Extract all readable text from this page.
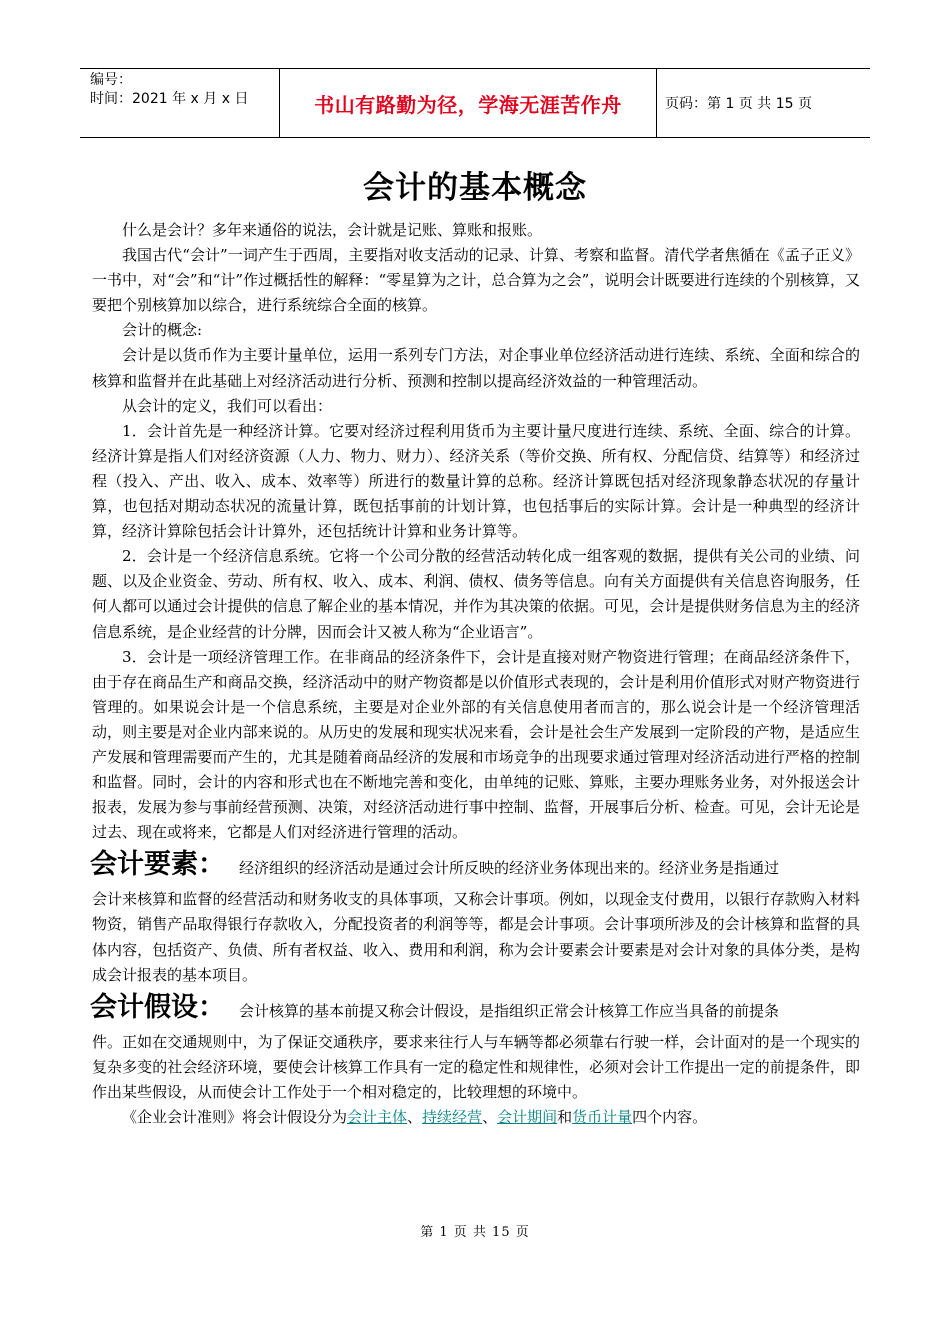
编号：
时间：2021 年 x 月 x 日	书山有路勤为径，学海无涯苦作舟	页码：第 1 页 共 15 页
会计的基本概念

什么是会计？多年来通俗的说法，会计就是记账、算账和报账。

我国古代“会计”一词产生于西周，主要指对收支活动的记录、计算、考察和监督。清代学者焦循在《孟子正义》一书中，对“会”和“计”作过概括性的解释：“零星算为之计，总合算为之会”，说明会计既要进行连续的个别核算，又要把个别核算加以综合，进行系统综合全面的核算。

会计的概念:

会计是以货币作为主要计量单位，运用一系列专门方法，对企事业单位经济活动进行连续、系统、全面和综合的核算和监督并在此基础上对经济活动进行分析、预测和控制以提高经济效益的一种管理活动。

从会计的定义，我们可以看出：

1．会计首先是一种经济计算。它要对经济过程利用货币为主要计量尺度进行连续、系统、全面、综合的计算。经济计算是指人们对经济资源（人力、物力、财力）、经济关系（等价交换、所有权、分配信贷、结算等）和经济过程（投入、产出、收入、成本、效率等）所进行的数量计算的总称。经济计算既包括对经济现象静态状况的存量计算，也包括对期动态状况的流量计算，既包括事前的计划计算，也包括事后的实际计算。会计是一种典型的经济计算，经济计算除包括会计计算外，还包括统计计算和业务计算等。

2．会计是一个经济信息系统。它将一个公司分散的经营活动转化成一组客观的数据，提供有关公司的业绩、问题、以及企业资金、劳动、所有权、收入、成本、利润、债权、债务等信息。向有关方面提供有关信息咨询服务，任何人都可以通过会计提供的信息了解企业的基本情况，并作为其决策的依据。可见，会计是提供财务信息为主的经济信息系统，是企业经营的计分牌，因而会计又被人称为“企业语言”。

3．会计是一项经济管理工作。在非商品的经济条件下，会计是直接对财产物资进行管理；在商品经济条件下，由于存在商品生产和商品交换，经济活动中的财产物资都是以价值形式表现的，会计是利用价值形式对财产物资进行管理的。如果说会计是一个信息系统，主要是对企业外部的有关信息使用者而言的，那么说会计是一个经济管理活动，则主要是对企业内部来说的。从历史的发展和现实状况来看，会计是社会生产发展到一定阶段的产物，是适应生产发展和管理需要而产生的，尤其是随着商品经济的发展和市场竞争的出现要求通过管理对经济活动进行严格的控制和监督。同时，会计的内容和形式也在不断地完善和变化，由单纯的记账、算账，主要办理账务业务，对外报送会计报表，发展为参与事前经营预测、决策，对经济活动进行事中控制、监督，开展事后分析、检查。可见，会计无论是过去、现在或将来，它都是人们对经济进行管理的活动。

会计要素： 经济组织的经济活动是通过会计所反映的经济业务体现出来的。经济业务是指通过

会计来核算和监督的经营活动和财务收支的具体事项，又称会计事项。例如，以现金支付费用，以银行存款购入材料物资，销售产品取得银行存款收入，分配投资者的利润等等，都是会计事项。会计事项所涉及的会计核算和监督的具体内容，包括资产、负债、所有者权益、收入、费用和利润，称为会计要素会计要素是对会计对象的具体分类，是构成会计报表的基本项目。

会计假设： 会计核算的基本前提又称会计假设，是指组织正常会计核算工作应当具备的前提条

件。正如在交通规则中，为了保证交通秩序，要求来往行人与车辆等都必须靠右行驶一样，会计面对的是一个现实的复杂多变的社会经济环境，要使会计核算工作具有一定的稳定性和规律性，必须对会计工作提出一定的前提条件，即作出某些假设，从而使会计工作处于一个相对稳定的，比较理想的环境中。

《企业会计准则》将会计假设分为会计主体、持续经营、会计期间和货币计量四个内容。

第 1 页 共 15 页
